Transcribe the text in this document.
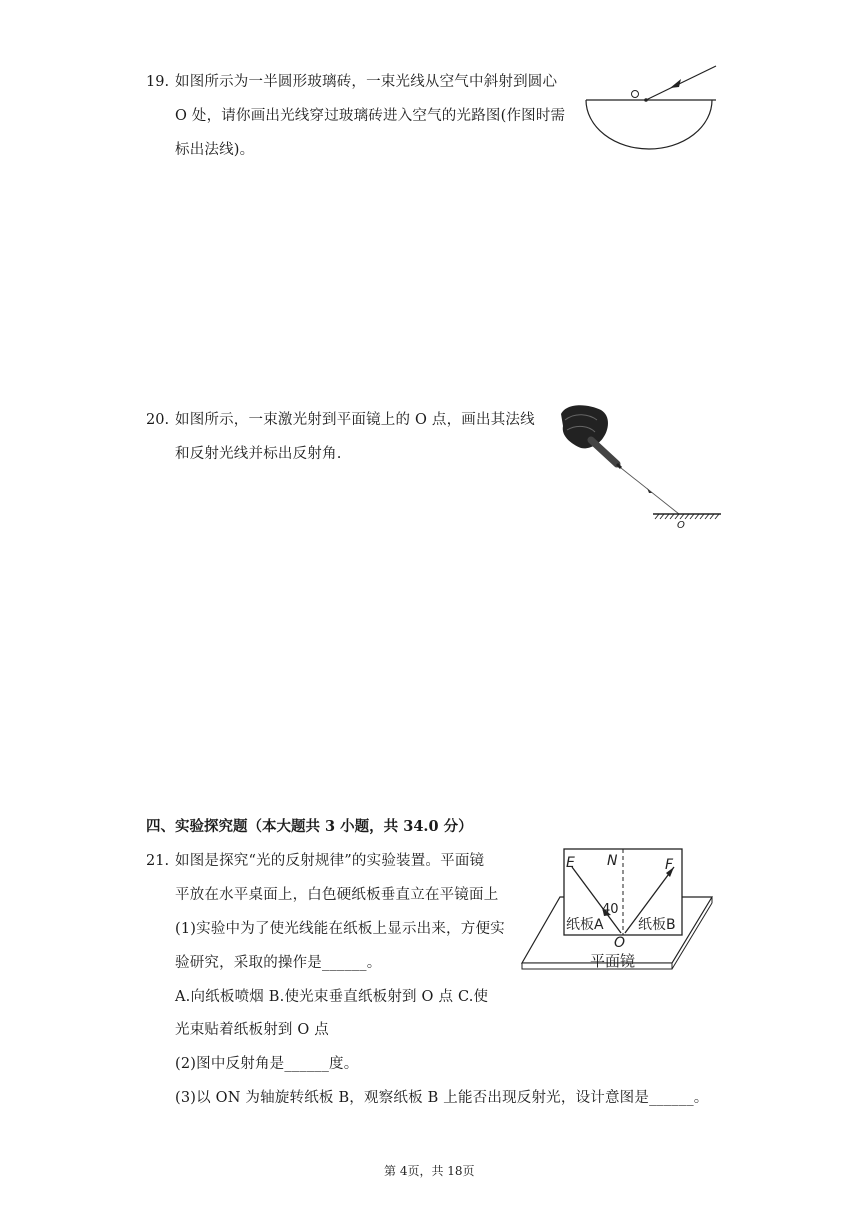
19. 如图所示为一半圆形玻璃砖，一束光线从空气中斜射到圆心
O 处，请你画出光线穿过玻璃砖进入空气的光路图(作图时需
标出法线)。
20. 如图所示，一束激光射到平面镜上的 O 点，画出其法线
和反射光线并标出反射角.
O
四、实验探究题（本大题共 3 小题，共 34.0 分）
21. 如图是探究“光的反射规律”的实验装置。平面镜
平放在水平桌面上，白色硬纸板垂直立在平镜面上
(1)实验中为了使光线能在纸板上显示出来，方便实
验研究，采取的操作是______。
A.向纸板喷烟 B.使光束垂直纸板射到 O 点 C.使
光束贴着纸板射到 O 点
(2)图中反射角是______度。
(3)以 ON 为轴旋转纸板 B，观察纸板 B 上能否出现反射光，设计意图是______。
E N	F
40
纸板A 纸板B
O
平面镜
第 4页，共 18页
